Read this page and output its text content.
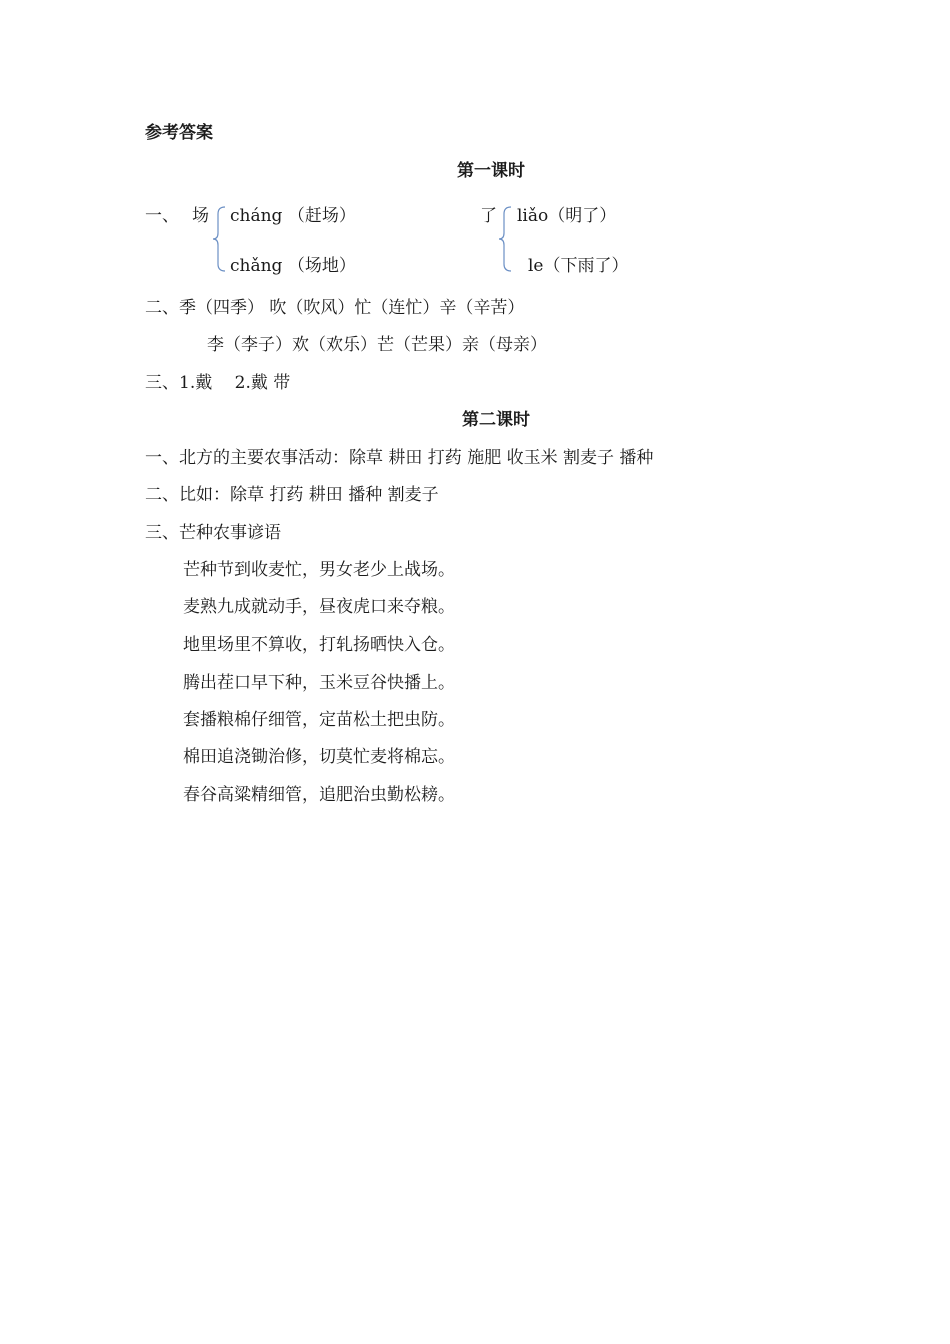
参考答案
第一课时
一、 场 cháng （赶场）
chǎng （场地）
了 liǎo（明了）
le（下雨了）
二、季（四季） 吹（吹风）忙（连忙）辛（辛苦）
李（李子）欢（欢乐）芒（芒果）亲（母亲）
三、1.戴　 2.戴 带
第二课时
一、北方的主要农事活动：除草 耕田 打药 施肥 收玉米 割麦子 播种
二、比如：除草 打药 耕田 播种 割麦子
三、芒种农事谚语
芒种节到收麦忙，男女老少上战场。
麦熟九成就动手，昼夜虎口来夺粮。
地里场里不算收，打轧扬晒快入仓。
腾出茬口早下种，玉米豆谷快播上。
套播粮棉仔细管，定苗松土把虫防。
棉田追浇锄治修，切莫忙麦将棉忘。
春谷高粱精细管，追肥治虫勤松耪。
